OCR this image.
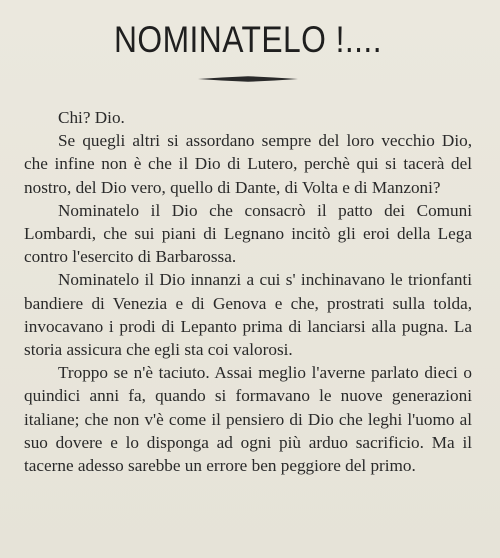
NOMINATELO !....

Chi? Dio.

Se quegli altri si assordano sempre del loro vecchio Dio, che infine non è che il Dio di Lutero, perchè qui si tacerà del nostro, del Dio vero, quello di Dante, di Volta e di Manzoni?

Nominatelo il Dio che consacrò il patto dei Comuni Lombardi, che sui piani di Legnano incitò gli eroi della Lega contro l'esercito di Barbarossa.

Nominatelo il Dio innanzi a cui s' inchinavano le trionfanti bandiere di Venezia e di Genova e che, prostrati sulla tolda, invocavano i prodi di Lepanto prima di lanciarsi alla pugna. La storia assicura che egli sta coi valorosi.

Troppo se n'è taciuto. Assai meglio l'averne parlato dieci o quindici anni fa, quando si formavano le nuove generazioni italiane; che non v'è come il pensiero di Dio che leghi l'uomo al suo dovere e lo disponga ad ogni più arduo sacrificio. Ma il tacerne adesso sarebbe un errore ben peggiore del primo.
